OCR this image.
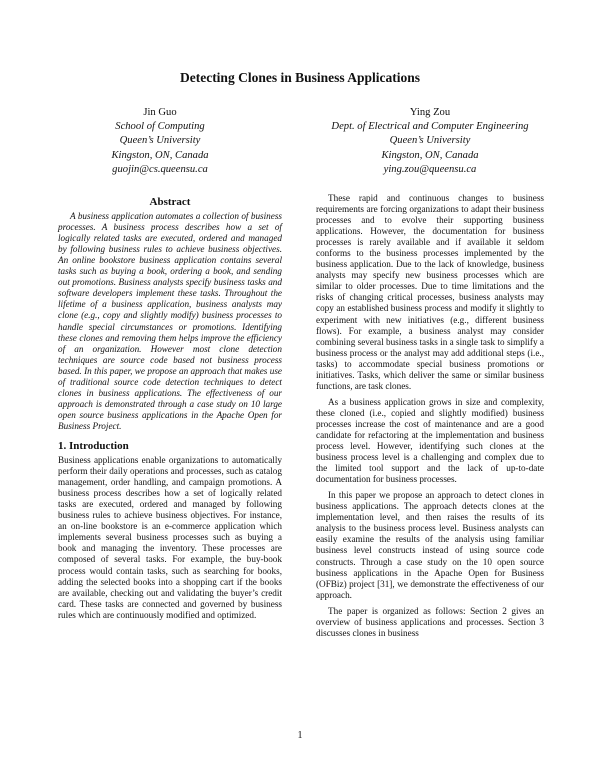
Detecting Clones in Business Applications
Jin Guo
School of Computing
Queen’s University
Kingston, ON, Canada
guojin@cs.queensu.ca
Ying Zou
Dept. of Electrical and Computer Engineering
Queen’s University
Kingston, ON, Canada
ying.zou@queensu.ca
Abstract

A business application automates a collection of business processes. A business process describes how a set of logically related tasks are executed, ordered and managed by following business rules to achieve business objectives. An online bookstore business application contains several tasks such as buying a book, ordering a book, and sending out promotions. Business analysts specify business tasks and software developers implement these tasks. Throughout the lifetime of a business application, business analysts may clone (e.g., copy and slightly modify) business processes to handle special circumstances or promotions. Identifying these clones and removing them helps improve the efficiency of an organization. However most clone detection techniques are source code based not business process based. In this paper, we propose an approach that makes use of traditional source code detection techniques to detect clones in business applications. The effectiveness of our approach is demonstrated through a case study on 10 large open source business applications in the Apache Open for Business Project.

1. Introduction

Business applications enable organizations to automatically perform their daily operations and processes, such as catalog management, order handling, and campaign promotions. A business process describes how a set of logically related tasks are executed, ordered and managed by following business rules to achieve business objectives. For instance, an on-line bookstore is an e-commerce application which implements several business processes such as buying a book and managing the inventory. These processes are composed of several tasks. For example, the buy-book process would contain tasks, such as searching for books, adding the selected books into a shopping cart if the books are available, checking out and validating the buyer’s credit card. These tasks are connected and governed by business rules which are continuously modified and optimized.

These rapid and continuous changes to business requirements are forcing organizations to adapt their business processes and to evolve their supporting business applications. However, the documentation for business processes is rarely available and if available it seldom conforms to the business processes implemented by the business application. Due to the lack of knowledge, business analysts may specify new business processes which are similar to older processes. Due to time limitations and the risks of changing critical processes, business analysts may copy an established business process and modify it slightly to experiment with new initiatives (e.g., different business flows). For example, a business analyst may consider combining several business tasks in a single task to simplify a business process or the analyst may add additional steps (i.e., tasks) to accommodate special business promotions or initiatives. Tasks, which deliver the same or similar business functions, are task clones.

As a business application grows in size and complexity, these cloned (i.e., copied and slightly modified) business processes increase the cost of maintenance and are a good candidate for refactoring at the implementation and business process level. However, identifying such clones at the business process level is a challenging and complex due to the limited tool support and the lack of up-to-date documentation for business processes.

In this paper we propose an approach to detect clones in business applications. The approach detects clones at the implementation level, and then raises the results of its analysis to the business process level. Business analysts can easily examine the results of the analysis using familiar business level constructs instead of using source code constructs. Through a case study on the 10 open source business applications in the Apache Open for Business (OFBiz) project [31], we demonstrate the effectiveness of our approach.

The paper is organized as follows: Section 2 gives an overview of business applications and processes. Section 3 discusses clones in business

1
